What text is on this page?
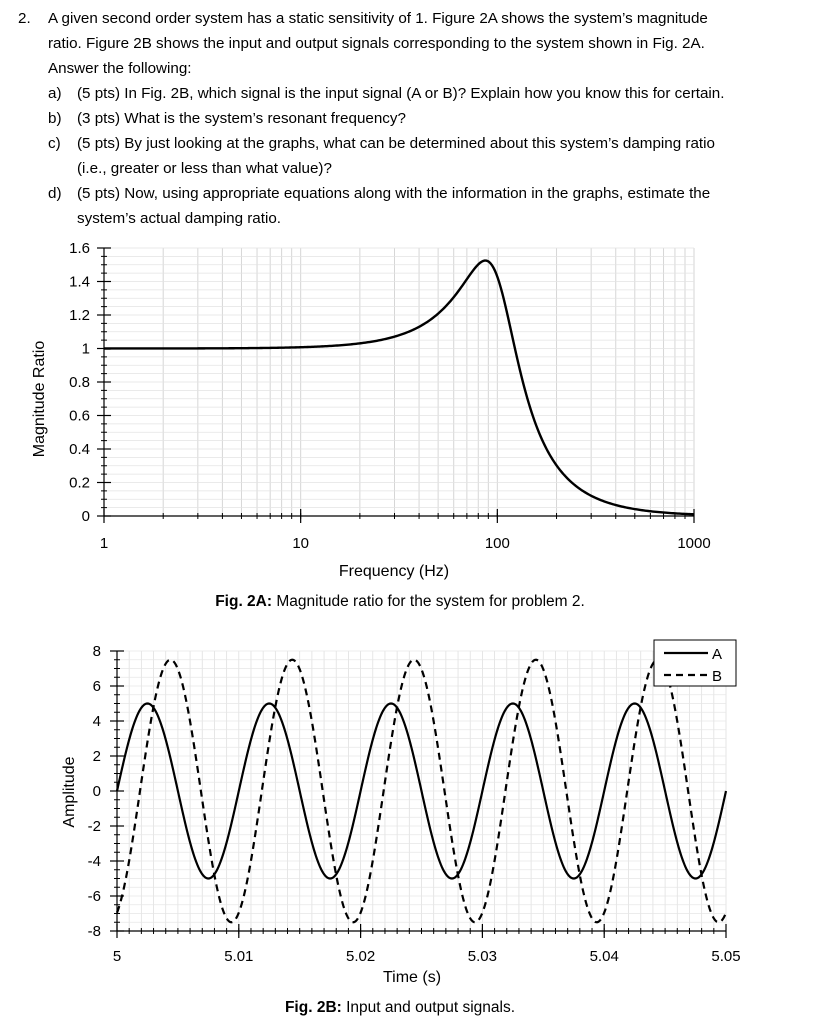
2. A given second order system has a static sensitivity of 1. Figure 2A shows the system’s magnitude
ratio. Figure 2B shows the input and output signals corresponding to the system shown in Fig. 2A.
Answer the following:
a) (5 pts) In Fig. 2B, which signal is the input signal (A or B)? Explain how you know this for certain.
b) (3 pts) What is the system’s resonant frequency?
c) (5 pts) By just looking at the graphs, what can be determined about this system’s damping ratio
(i.e., greater or less than what value)?
d) (5 pts) Now, using appropriate equations along with the information in the graphs, estimate the
system’s actual damping ratio.
0
0.2
0.4
0.6
0.8
1
1.2
1.4
1.6
1	10	100	1000
Frequency (Hz)
Magnitude Ratio
Fig. 2A: Magnitude ratio for the system for problem 2.
-8
-6
-4
-2
0
2
4
6
8
5	5.01	5.02	5.03	5.04	5.05
A
B
Time (s)
Amplitude
Fig. 2B: Input and output signals.
